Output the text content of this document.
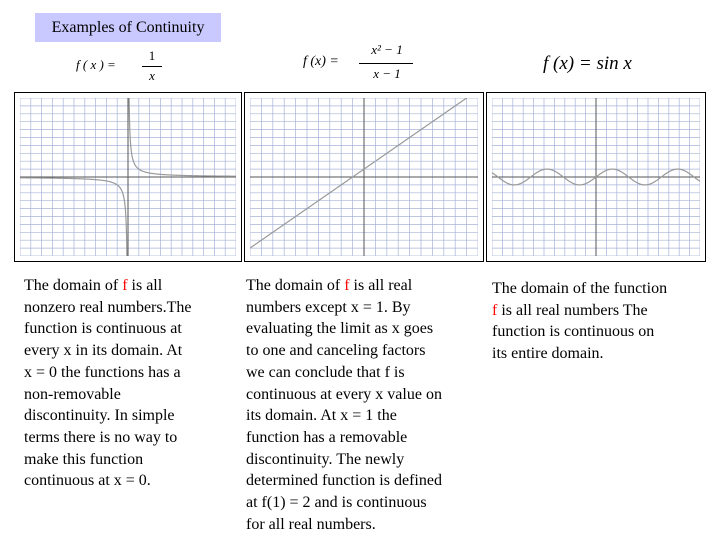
Examples of Continuity
f ( x ) =
1
x
f (x) =
x² − 1
x − 1	f (x) = sin x
The domain of f is all
nonzero real numbers.The
function is continuous at
every x in its domain. At
x = 0 the functions has a
non-removable
discontinuity. In simple
terms there is no way to
make this function
continuous at x = 0.
The domain of f is all real
numbers except x = 1. By
evaluating the limit as x goes
to one and canceling factors
we can conclude that f is
continuous at every x value on
its domain. At x = 1 the
function has a removable
discontinuity. The newly
determined function is defined
at f(1) = 2 and is continuous
for all real numbers.
The domain of the function
f is all real numbers The
function is continuous on
its entire domain.
